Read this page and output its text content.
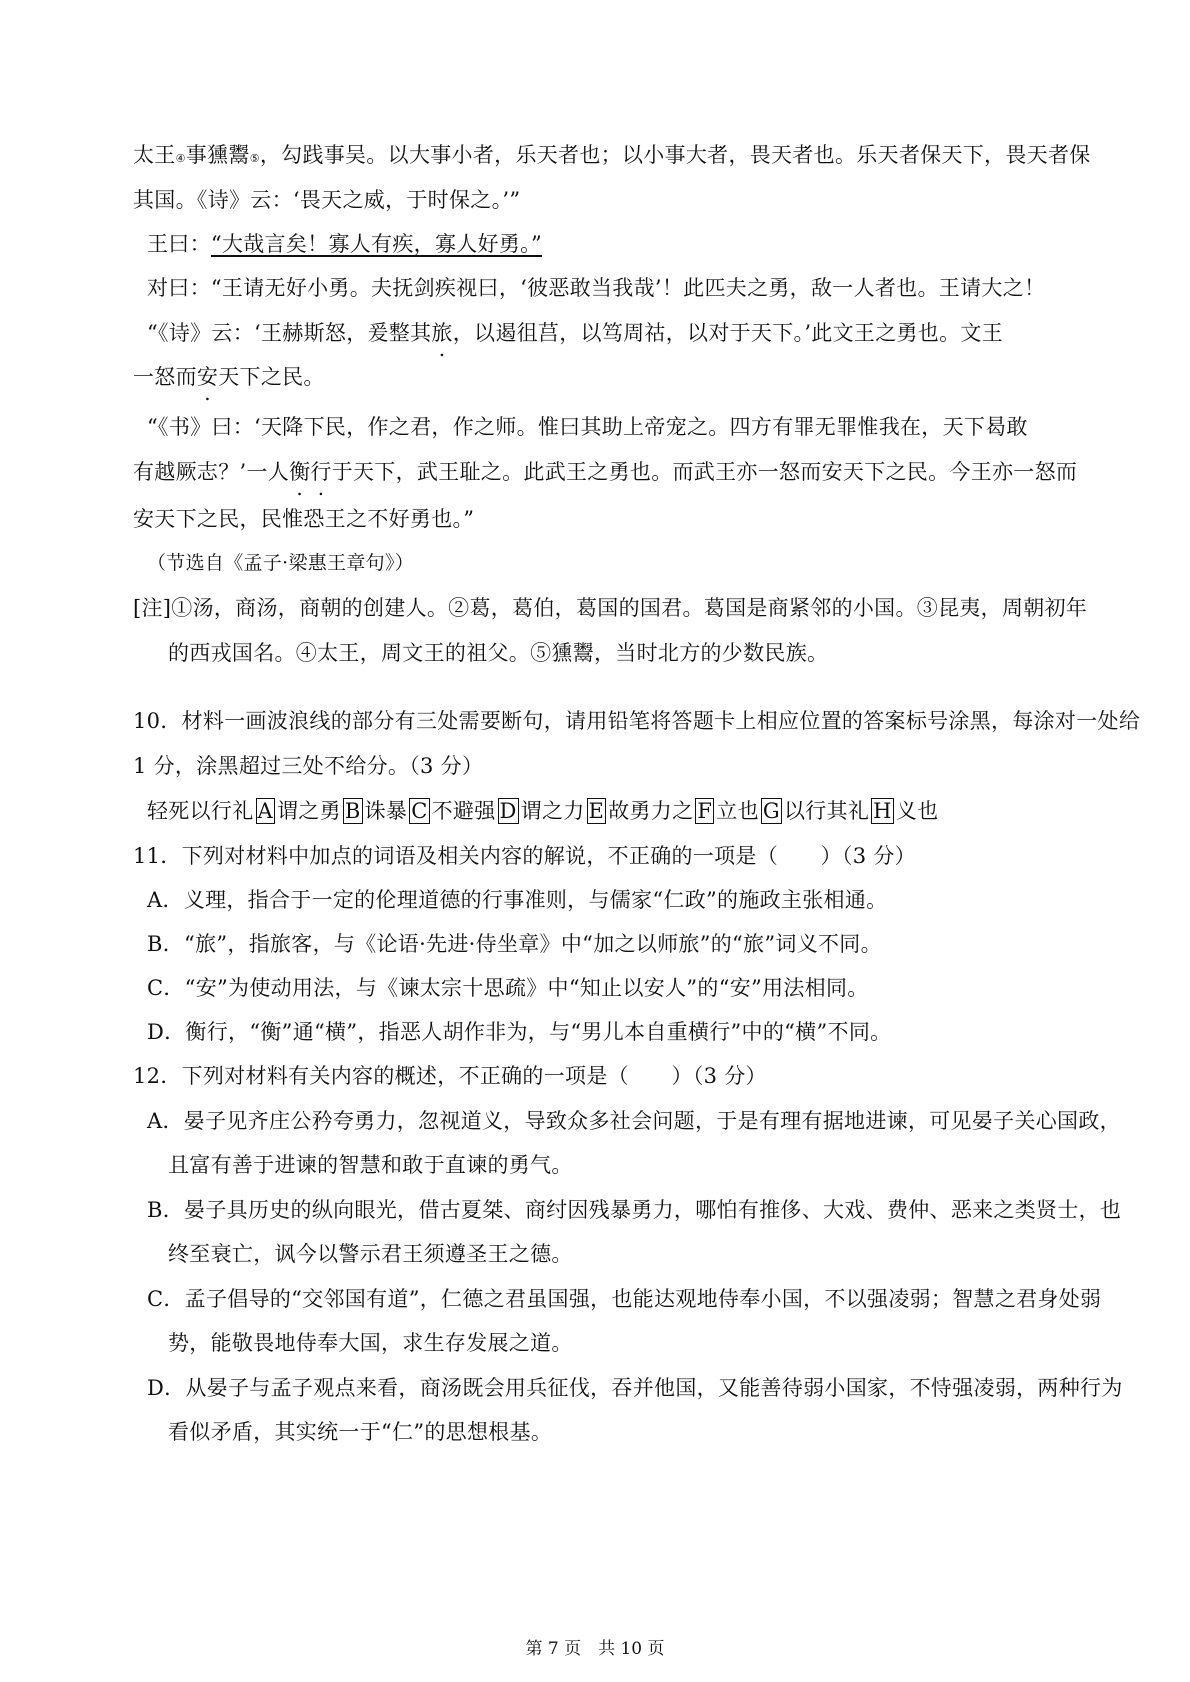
太王④事獯鬻⑤，勾践事吴。以大事小者，乐天者也；以小事大者，畏天者也。乐天者保天下，畏天者保
其国。《诗》云：‘畏天之威，于时保之。’”
王曰：“大哉言矣！寡人有疾，寡人好勇。”
对曰：“王请无好小勇。夫抚剑疾视曰，‘彼恶敢当我哉’！此匹夫之勇，敌一人者也。王请大之！
“《诗》云：‘王赫斯怒，爰整其旅，以遏徂莒，以笃周祜，以对于天下。’此文王之勇也。文王
一怒而安天下之民。
“《书》曰：‘天降下民，作之君，作之师。惟曰其助上帝宠之。四方有罪无罪惟我在，天下曷敢
有越厥志？’一人衡行于天下，武王耻之。此武王之勇也。而武王亦一怒而安天下之民。今王亦一怒而
安天下之民，民惟恐王之不好勇也。”
（节选自《孟子·梁惠王章句》）
[注]①汤，商汤，商朝的创建人。②葛，葛伯，葛国的国君。葛国是商紧邻的小国。③昆夷，周朝初年
的西戎国名。④太王，周文王的祖父。⑤獯鬻，当时北方的少数民族。
10．材料一画波浪线的部分有三处需要断句，请用铅笔将答题卡上相应位置的答案标号涂黑，每涂对一处给
1 分，涂黑超过三处不给分。（3 分）
轻死以行礼 A 谓之勇 B 诛暴 C 不避强 D 谓之力 E 故勇力之 F 立也 G 以行其礼 H 义也
11．下列对材料中加点的词语及相关内容的解说，不正确的一项是（　　）（3 分）
A．义理，指合于一定的伦理道德的行事准则，与儒家“仁政”的施政主张相通。
B．“旅”，指旅客，与《论语·先进·侍坐章》中“加之以师旅”的“旅”词义不同。
C．“安”为使动用法，与《谏太宗十思疏》中“知止以安人”的“安”用法相同。
D．衡行，“衡”通“横”，指恶人胡作非为，与“男儿本自重横行”中的“横”不同。
12．下列对材料有关内容的概述，不正确的一项是（　　）（3 分）
A．晏子见齐庄公矜夸勇力，忽视道义，导致众多社会问题，于是有理有据地进谏，可见晏子关心国政，
且富有善于进谏的智慧和敢于直谏的勇气。
B．晏子具历史的纵向眼光，借古夏桀、商纣因残暴勇力，哪怕有推侈、大戏、费仲、恶来之类贤士，也
终至衰亡，讽今以警示君王须遵圣王之德。
C．孟子倡导的“交邻国有道”，仁德之君虽国强，也能达观地侍奉小国，不以强凌弱；智慧之君身处弱
势，能敬畏地侍奉大国，求生存发展之道。
D．从晏子与孟子观点来看，商汤既会用兵征伐，吞并他国，又能善待弱小国家，不恃强凌弱，两种行为
看似矛盾，其实统一于“仁”的思想根基。
第 7 页　共 10 页
